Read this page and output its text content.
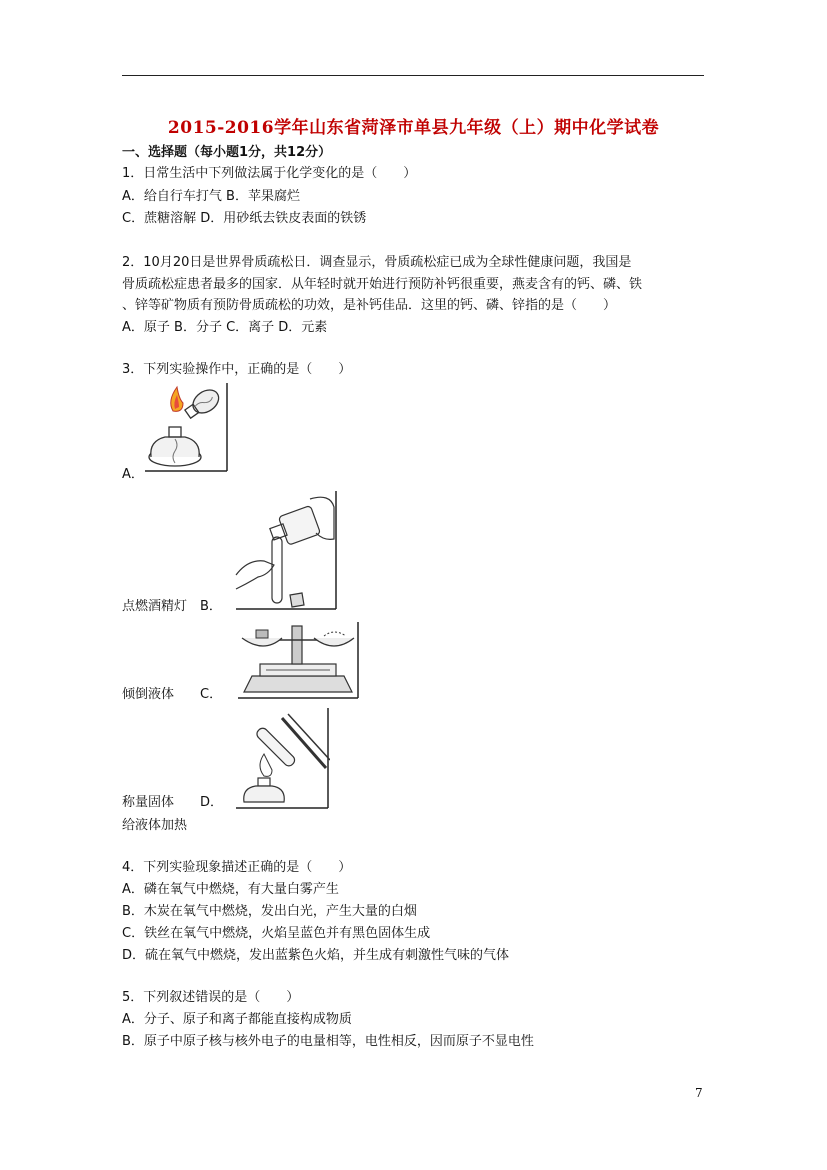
2015-2016学年山东省菏泽市单县九年级（上）期中化学试卷
一、选择题（每小题1分，共12分）
1．日常生活中下列做法属于化学变化的是（　　）
A．给自行车打气 B．苹果腐烂
C．蔗糖溶解 D．用砂纸去铁皮表面的铁锈
2．10月20日是世界骨质疏松日．调查显示，骨质疏松症已成为全球性健康问题，我国是
骨质疏松症患者最多的国家．从年轻时就开始进行预防补钙很重要，燕麦含有的钙、磷、铁
、锌等矿物质有预防骨质疏松的功效，是补钙佳品．这里的钙、磷、锌指的是（　　）
A．原子 B．分子 C．离子 D．元素
3．下列实验操作中，正确的是（　　）
A．
点燃酒精灯　B．
倾倒液体　　C．
称量固体　　D．
给液体加热
4．下列实验现象描述正确的是（　　）
A．磷在氧气中燃烧，有大量白雾产生
B．木炭在氧气中燃烧，发出白光，产生大量的白烟
C．铁丝在氧气中燃烧，火焰呈蓝色并有黑色固体生成
D．硫在氧气中燃烧，发出蓝紫色火焰，并生成有刺激性气味的气体
5．下列叙述错误的是（　　）
A．分子、原子和离子都能直接构成物质
B．原子中原子核与核外电子的电量相等，电性相反，因而原子不显电性
7
